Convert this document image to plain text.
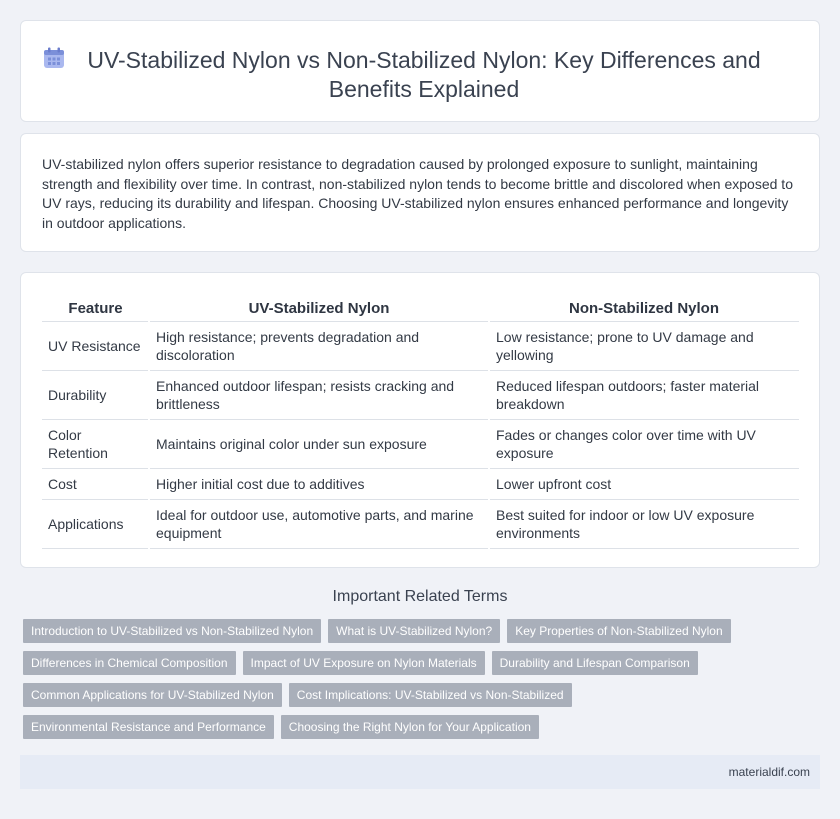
UV-Stabilized Nylon vs Non-Stabilized Nylon: Key Differences and Benefits Explained

UV-stabilized nylon offers superior resistance to degradation caused by prolonged exposure to sunlight, maintaining strength and flexibility over time. In contrast, non-stabilized nylon tends to become brittle and discolored when exposed to UV rays, reducing its durability and lifespan. Choosing UV-stabilized nylon ensures enhanced performance and longevity in outdoor applications.

Feature	UV-Stabilized Nylon	Non-Stabilized Nylon
UV Resistance	High resistance; prevents degradation and discoloration	Low resistance; prone to UV damage and yellowing
Durability	Enhanced outdoor lifespan; resists cracking and brittleness	Reduced lifespan outdoors; faster material breakdown
Color Retention	Maintains original color under sun exposure	Fades or changes color over time with UV exposure
Cost	Higher initial cost due to additives	Lower upfront cost
Applications	Ideal for outdoor use, automotive parts, and marine equipment	Best suited for indoor or low UV exposure environments
Important Related Terms
Introduction to UV-Stabilized vs Non-Stabilized Nylon	What is UV-Stabilized Nylon?	Key Properties of Non-Stabilized Nylon
Differences in Chemical Composition	Impact of UV Exposure on Nylon Materials	Durability and Lifespan Comparison
Common Applications for UV-Stabilized Nylon	Cost Implications: UV-Stabilized vs Non-Stabilized
Environmental Resistance and Performance	Choosing the Right Nylon for Your Application
materialdif.com
